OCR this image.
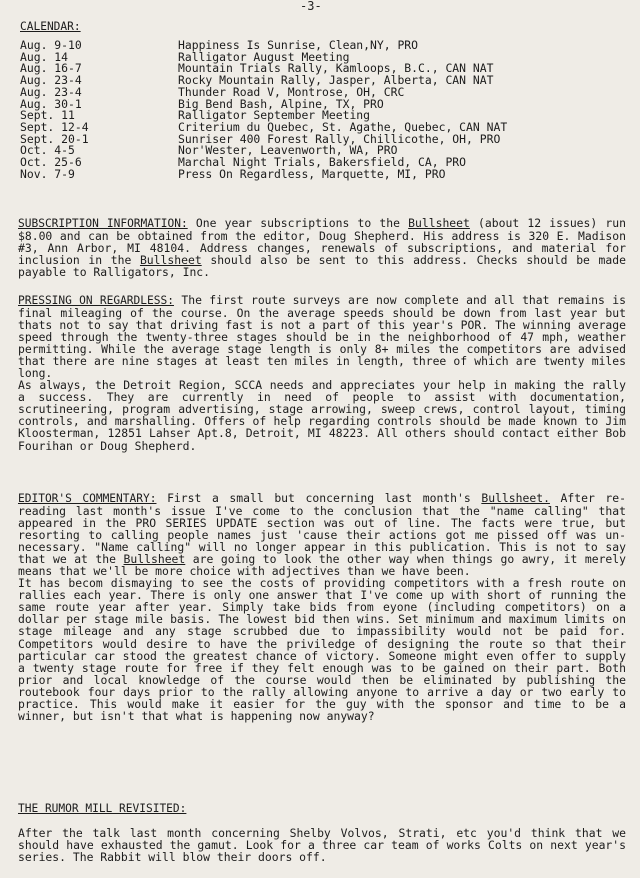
-3-
CALENDAR:
Aug. 9-10	Happiness Is Sunrise, Clean,NY, PRO
Aug. 14	Ralligator August Meeting
Aug. 16-7	Mountain Trials Rally, Kamloops, B.C., CAN NAT
Aug. 23-4	Rocky Mountain Rally, Jasper, Alberta, CAN NAT
Aug. 23-4	Thunder Road V, Montrose, OH, CRC
Aug. 30-1	Big Bend Bash, Alpine, TX, PRO
Sept. 11	Ralligator September Meeting
Sept. 12-4	Criterium du Quebec, St. Agathe, Quebec, CAN NAT
Sept. 20-1	Sunriser 400 Forest Rally, Chillicothe, OH, PRO
Oct. 4-5	Nor'Wester, Leavenworth, WA, PRO
Oct. 25-6	Marchal Night Trials, Bakersfield, CA, PRO
Nov. 7-9	Press On Regardless, Marquette, MI, PRO

SUBSCRIPTION INFORMATION: One year subscriptions to the Bullsheet (about 12 issues) run $8.00 and can be obtained from the editor, Doug Shepherd. His address is 320 E. Madison #3, Ann Arbor, MI 48104. Address changes, renewals of subscriptions, and material for inclusion in the Bullsheet should also be sent to this address. Checks should be made payable to Ralligators, Inc.

PRESSING ON REGARDLESS: The first route surveys are now complete and all that remains is final mileaging of the course. On the average speeds should be down from last year but thats not to say that driving fast is not a part of this year's POR. The winning average speed through the twenty-three stages should be in the neighborhood of 47 mph, weather permitting. While the average stage length is only 8+ miles the competitors are advised that there are nine stages at least ten miles in length, three of which are twenty miles long.

As always, the Detroit Region, SCCA needs and appreciates your help in making the rally a success. They are currently in need of people to assist with documentation, scrutineering, program advertising, stage arrowing, sweep crews, control layout, timing controls, and marshalling. Offers of help regarding controls should be made known to Jim Kloosterman, 12851 Lahser Apt.8, Detroit, MI 48223. All others should contact either Bob Fourihan or Doug Shepherd.

EDITOR'S COMMENTARY: First a small but concerning last month's Bullsheet. After re-reading last month's issue I've come to the conclusion that the "name calling" that appeared in the PRO SERIES UPDATE section was out of line. The facts were true, but resorting to calling people names just 'cause their actions got me pissed off was un-necessary. "Name calling" will no longer appear in this publication. This is not to say that we at the Bullsheet are going to look the other way when things go awry, it merely means that we'll be more choice with adjectives than we have been.

It has becom dismaying to see the costs of providing competitors with a fresh route on rallies each year. There is only one answer that I've come up with short of running the same route year after year. Simply take bids from eyone (including competitors) on a dollar per stage mile basis. The lowest bid then wins. Set minimum and maximum limits on stage mileage and any stage scrubbed due to impassibility would not be paid for. Competitors would desire to have the priviledge of designing the route so that their particular car stood the greatest chance of victory. Someone might even offer to supply a twenty stage route for free if they felt enough was to be gained on their part. Both prior and local knowledge of the course would then be eliminated by publishing the routebook four days prior to the rally allowing anyone to arrive a day or two early to practice. This would make it easier for the guy with the sponsor and time to be a winner, but isn't that what is happening now anyway?

THE RUMOR MILL REVISITED:

After the talk last month concerning Shelby Volvos, Strati, etc you'd think that we should have exhausted the gamut. Look for a three car team of works Colts on next year's series. The Rabbit will blow their doors off.
